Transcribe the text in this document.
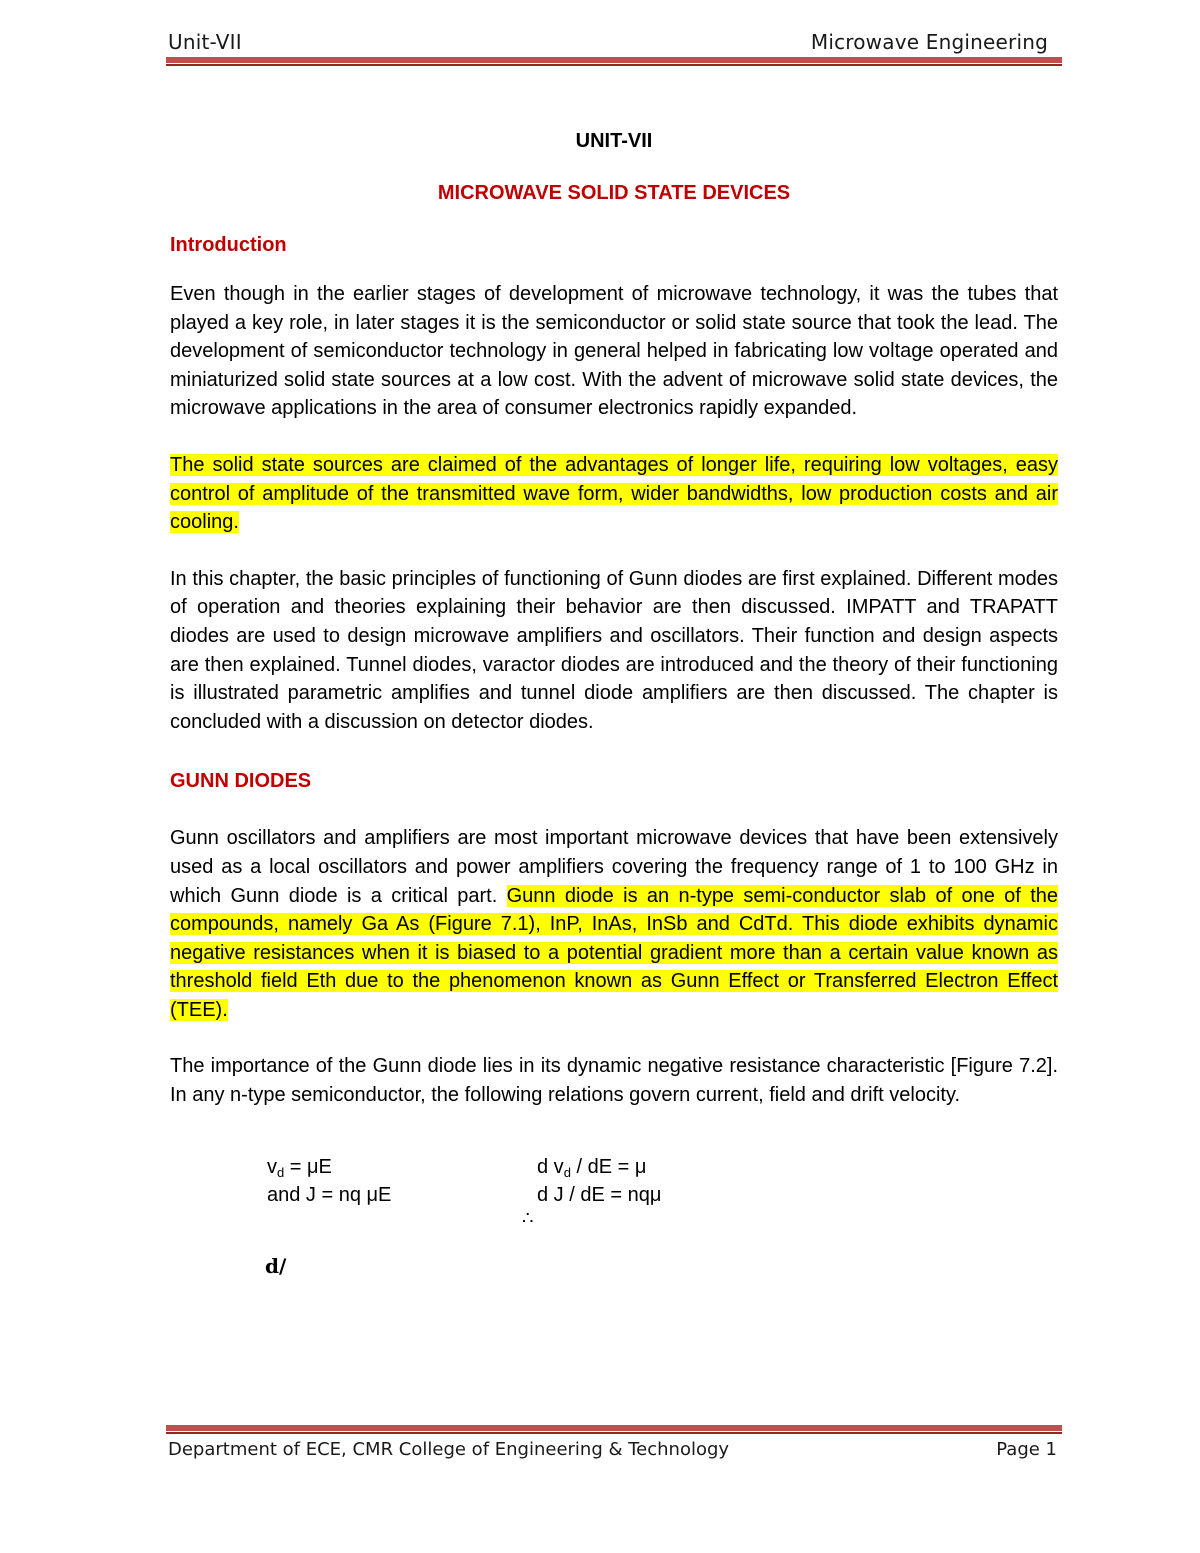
Unit-VII	Microwave Engineering
UNIT-VII
MICROWAVE SOLID STATE DEVICES
Introduction

Even though in the earlier stages of development of microwave technology, it was the tubes that played a key role, in later stages it is the semiconductor or solid state source that took the lead. The development of semiconductor technology in general helped in fabricating low voltage operated and miniaturized solid state sources at a low cost. With the advent of microwave solid state devices, the microwave applications in the area of consumer electronics rapidly expanded.

The solid state sources are claimed of the advantages of longer life, requiring low voltages, easy control of amplitude of the transmitted wave form, wider bandwidths, low production costs and air cooling.

In this chapter, the basic principles of functioning of Gunn diodes are first explained. Different modes of operation and theories explaining their behavior are then discussed. IMPATT and TRAPATT diodes are used to design microwave amplifiers and oscillators. Their function and design aspects are then explained. Tunnel diodes, varactor diodes are introduced and the theory of their functioning is illustrated parametric amplifies and tunnel diode amplifiers are then discussed. The chapter is concluded with a discussion on detector diodes.

GUNN DIODES

Gunn oscillators and amplifiers are most important microwave devices that have been extensively used as a local oscillators and power amplifiers covering the frequency range of 1 to 100 GHz in which Gunn diode is a critical part. Gunn diode is an n-type semi-conductor slab of one of the compounds, namely Ga As (Figure 7.1), InP, InAs, InSb and CdTd. This diode exhibits dynamic negative resistances when it is biased to a potential gradient more than a certain value known as threshold field Eth due to the phenomenon known as Gunn Effect or Transferred Electron Effect (TEE).

The importance of the Gunn diode lies in its dynamic negative resistance characteristic [Figure 7.2]. In any n-type semiconductor, the following relations govern current, field and drift velocity.

$v_d = \mu E$	d $v_d$ / dE = μ
and J = nq μE	d J / dE = nqμ
∴
d/
Department of ECE, CMR College of Engineering & Technology	Page 1
